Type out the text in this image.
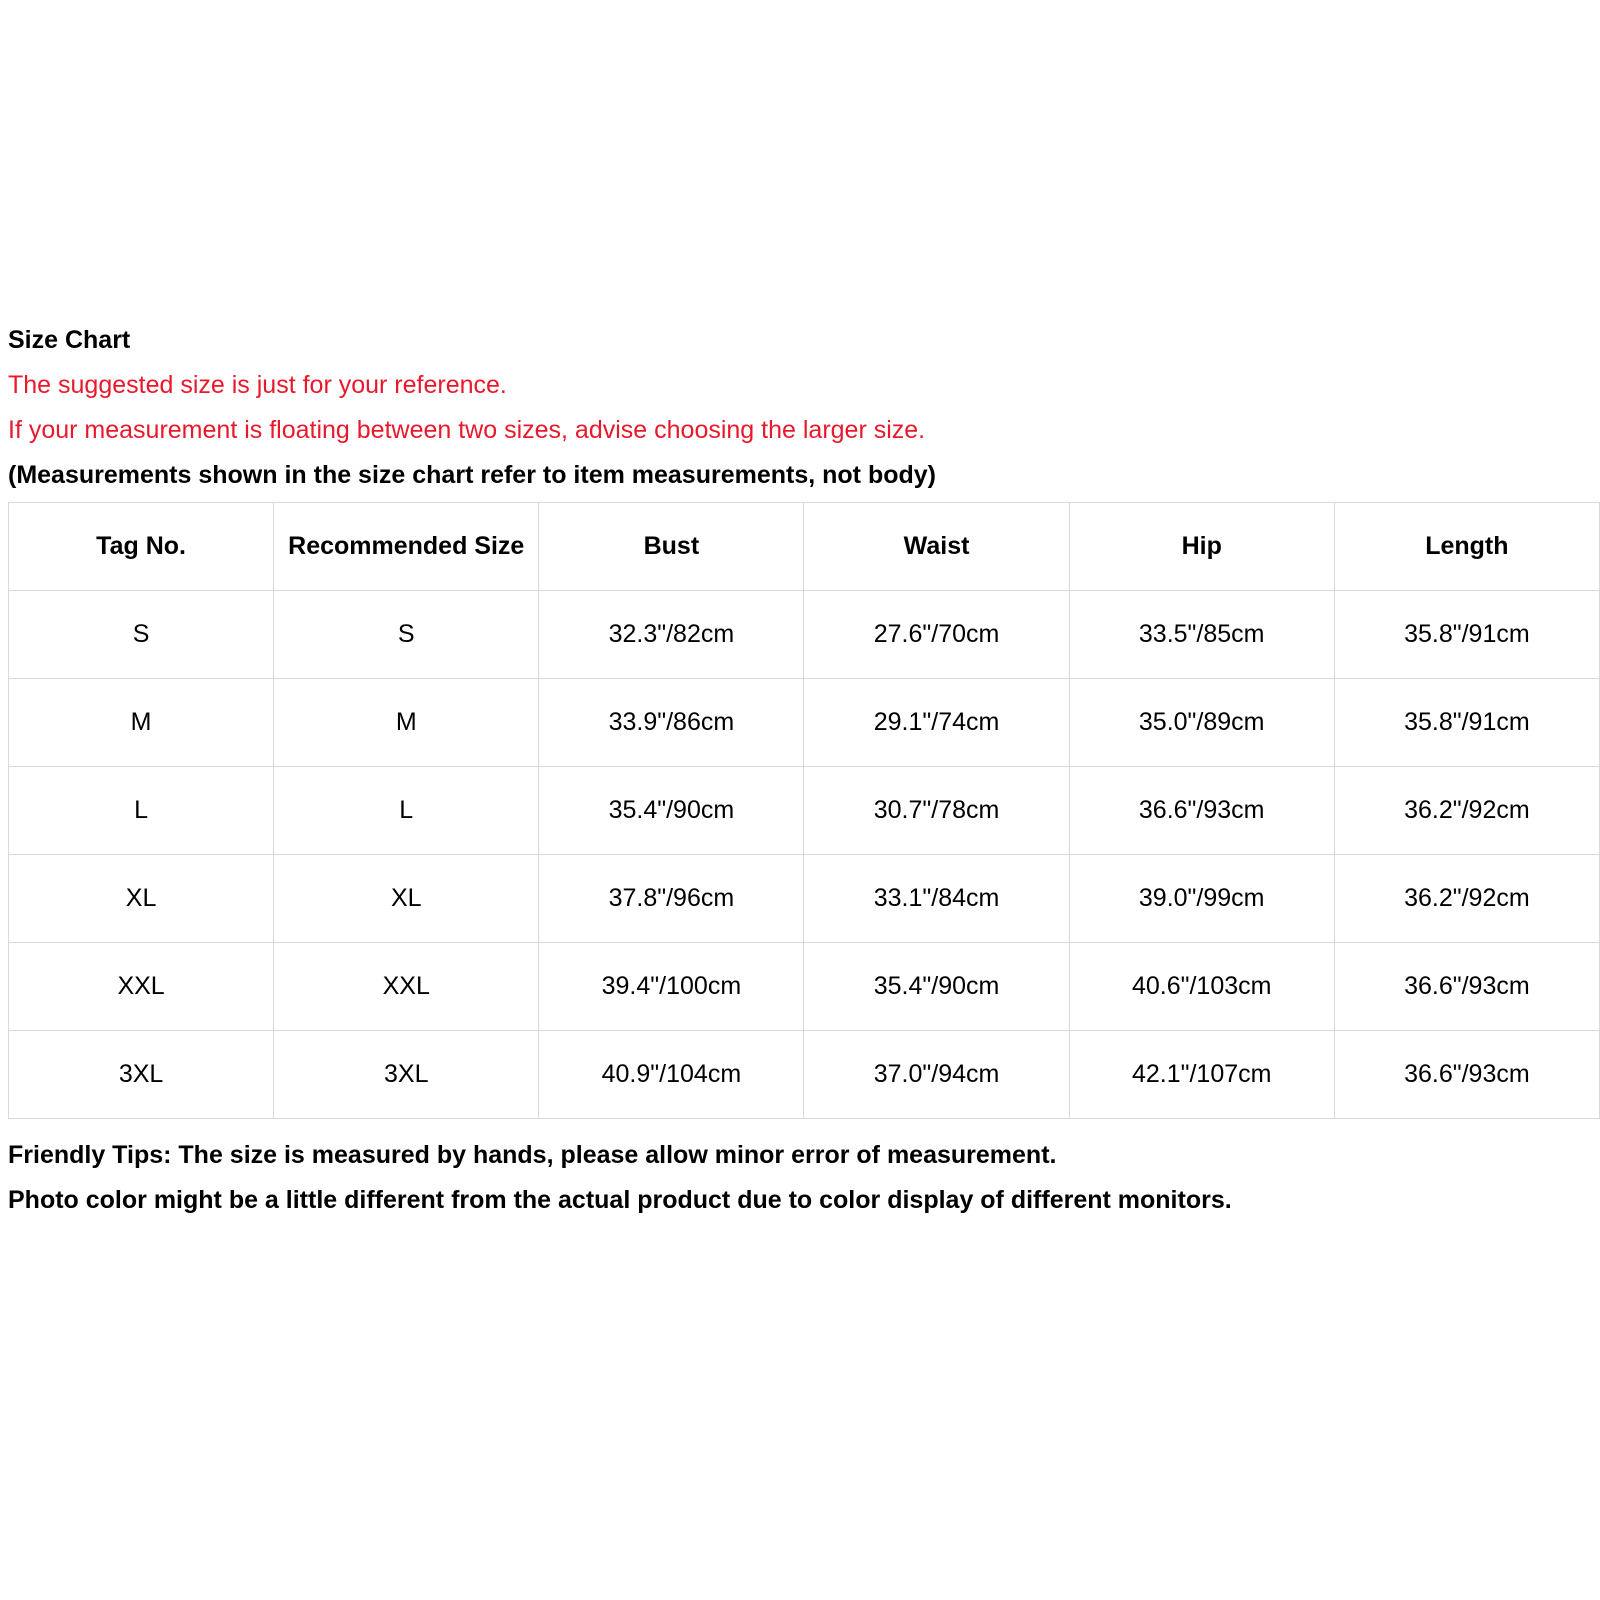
Size Chart
The suggested size is just for your reference.
If your measurement is floating between two sizes, advise choosing the larger size.
(Measurements shown in the size chart refer to item measurements, not body)
Tag No.	Recommended Size	Bust	Waist	Hip	Length
S	S	32.3"/82cm	27.6"/70cm	33.5"/85cm	35.8"/91cm
M	M	33.9"/86cm	29.1"/74cm	35.0"/89cm	35.8"/91cm
L	L	35.4"/90cm	30.7"/78cm	36.6"/93cm	36.2"/92cm
XL	XL	37.8"/96cm	33.1"/84cm	39.0"/99cm	36.2"/92cm
XXL	XXL	39.4"/100cm	35.4"/90cm	40.6"/103cm	36.6"/93cm
3XL	3XL	40.9"/104cm	37.0"/94cm	42.1"/107cm	36.6"/93cm
Friendly Tips: The size is measured by hands, please allow minor error of measurement.
Photo color might be a little different from the actual product due to color display of different monitors.
